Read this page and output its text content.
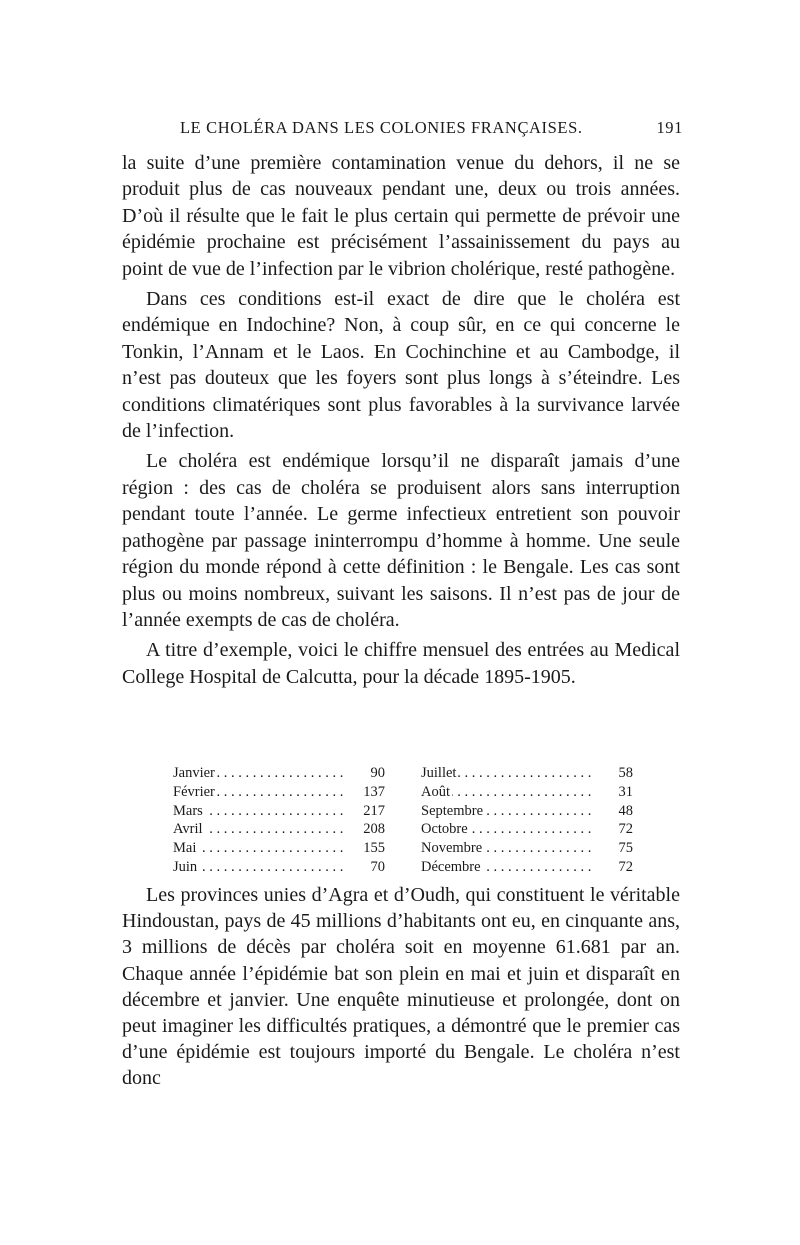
LE CHOLÉRA DANS LES COLONIES FRANÇAISES.	191

la suite d’une première contamination venue du dehors, il ne se produit plus de cas nouveaux pendant une, deux ou trois années. D’où il résulte que le fait le plus certain qui permette de prévoir une épidémie prochaine est précisément l’assainissement du pays au point de vue de l’infection par le vibrion cholérique, resté pathogène.

Dans ces conditions est-il exact de dire que le choléra est endémique en Indochine? Non, à coup sûr, en ce qui concerne le Tonkin, l’Annam et le Laos. En Cochinchine et au Cambodge, il n’est pas douteux que les foyers sont plus longs à s’éteindre. Les conditions climatériques sont plus favorables à la survivance larvée de l’infection.

Le choléra est endémique lorsqu’il ne disparaît jamais d’une région : des cas de choléra se produisent alors sans interruption pendant toute l’année. Le germe infectieux entretient son pouvoir pathogène par passage ininterrompu d’homme à homme. Une seule région du monde répond à cette définition : le Bengale. Les cas sont plus ou moins nombreux, suivant les saisons. Il n’est pas de jour de l’année exempts de cas de choléra.

A titre d’exemple, voici le chiffre mensuel des entrées au Medical College Hospital de Calcutta, pour la décade 1895-1905.

. . .
Janvier	90
. . .
Février	137
. . .
Mars	217
. . .
Avril	208
. . .
Mai	155
. . .
Juin	70
. . .
Juillet	58
. . .
Août	31
. . .
Septembre	48
. . .
Octobre	72
. . .
Novembre	75
. . .
Décembre	72

Les provinces unies d’Agra et d’Oudh, qui constituent le véritable Hindoustan, pays de 45 millions d’habitants ont eu, en cinquante ans, 3 millions de décès par choléra soit en moyenne 61.681 par an. Chaque année l’épidémie bat son plein en mai et juin et disparaît en décembre et janvier. Une enquête minutieuse et prolongée, dont on peut imaginer les difficultés pratiques, a démontré que le premier cas d’une épidémie est toujours importé du Bengale. Le choléra n’est donc
